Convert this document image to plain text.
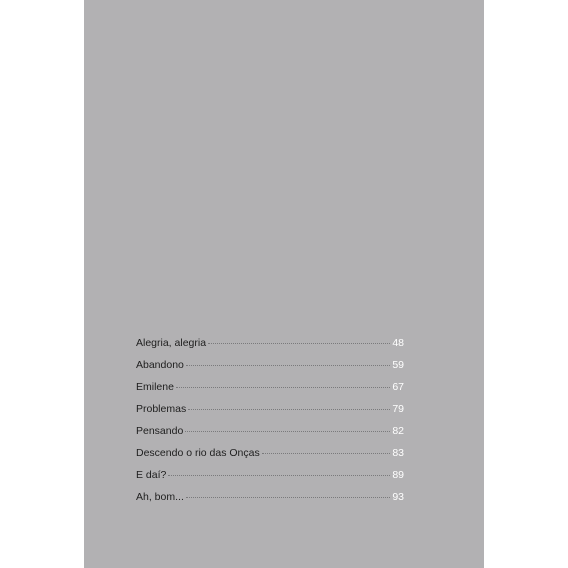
Alegria, alegria	48
Abandono	59
Emilene	67
Problemas	79
Pensando	82
Descendo o rio das Onças	83
E daí?	89
Ah, bom...	93
